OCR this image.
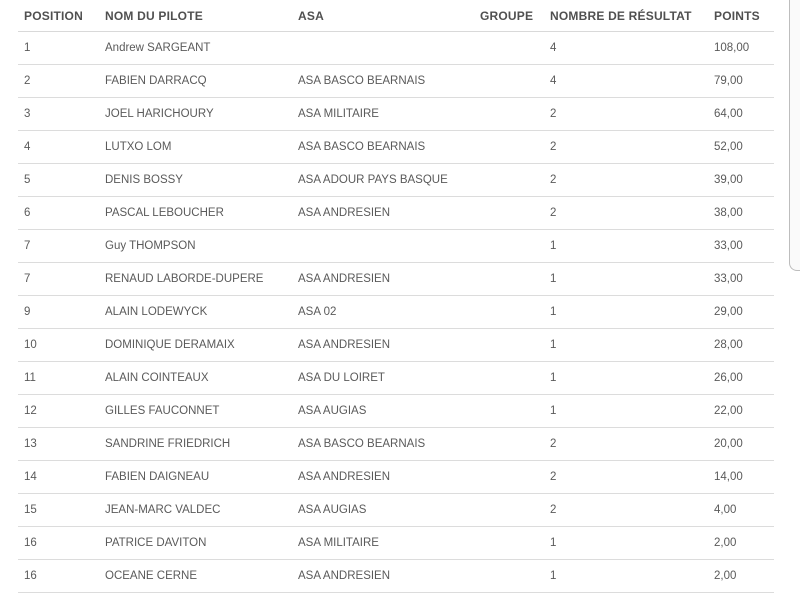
POSITION	NOM DU PILOTE	ASA	GROUPE	NOMBRE DE RÉSULTAT	POINTS
1	Andrew SARGEANT			4	108,00
2	FABIEN DARRACQ	ASA BASCO BEARNAIS		4	79,00
3	JOEL HARICHOURY	ASA MILITAIRE		2	64,00
4	LUTXO LOM	ASA BASCO BEARNAIS		2	52,00
5	DENIS BOSSY	ASA ADOUR PAYS BASQUE		2	39,00
6	PASCAL LEBOUCHER	ASA ANDRESIEN		2	38,00
7	Guy THOMPSON			1	33,00
7	RENAUD LABORDE-DUPERE	ASA ANDRESIEN		1	33,00
9	ALAIN LODEWYCK	ASA 02		1	29,00
10	DOMINIQUE DERAMAIX	ASA ANDRESIEN		1	28,00
11	ALAIN COINTEAUX	ASA DU LOIRET		1	26,00
12	GILLES FAUCONNET	ASA AUGIAS		1	22,00
13	SANDRINE FRIEDRICH	ASA BASCO BEARNAIS		2	20,00
14	FABIEN DAIGNEAU	ASA ANDRESIEN		2	14,00
15	JEAN-MARC VALDEC	ASA AUGIAS		2	4,00
16	PATRICE DAVITON	ASA MILITAIRE		1	2,00
16	OCEANE CERNE	ASA ANDRESIEN		1	2,00
